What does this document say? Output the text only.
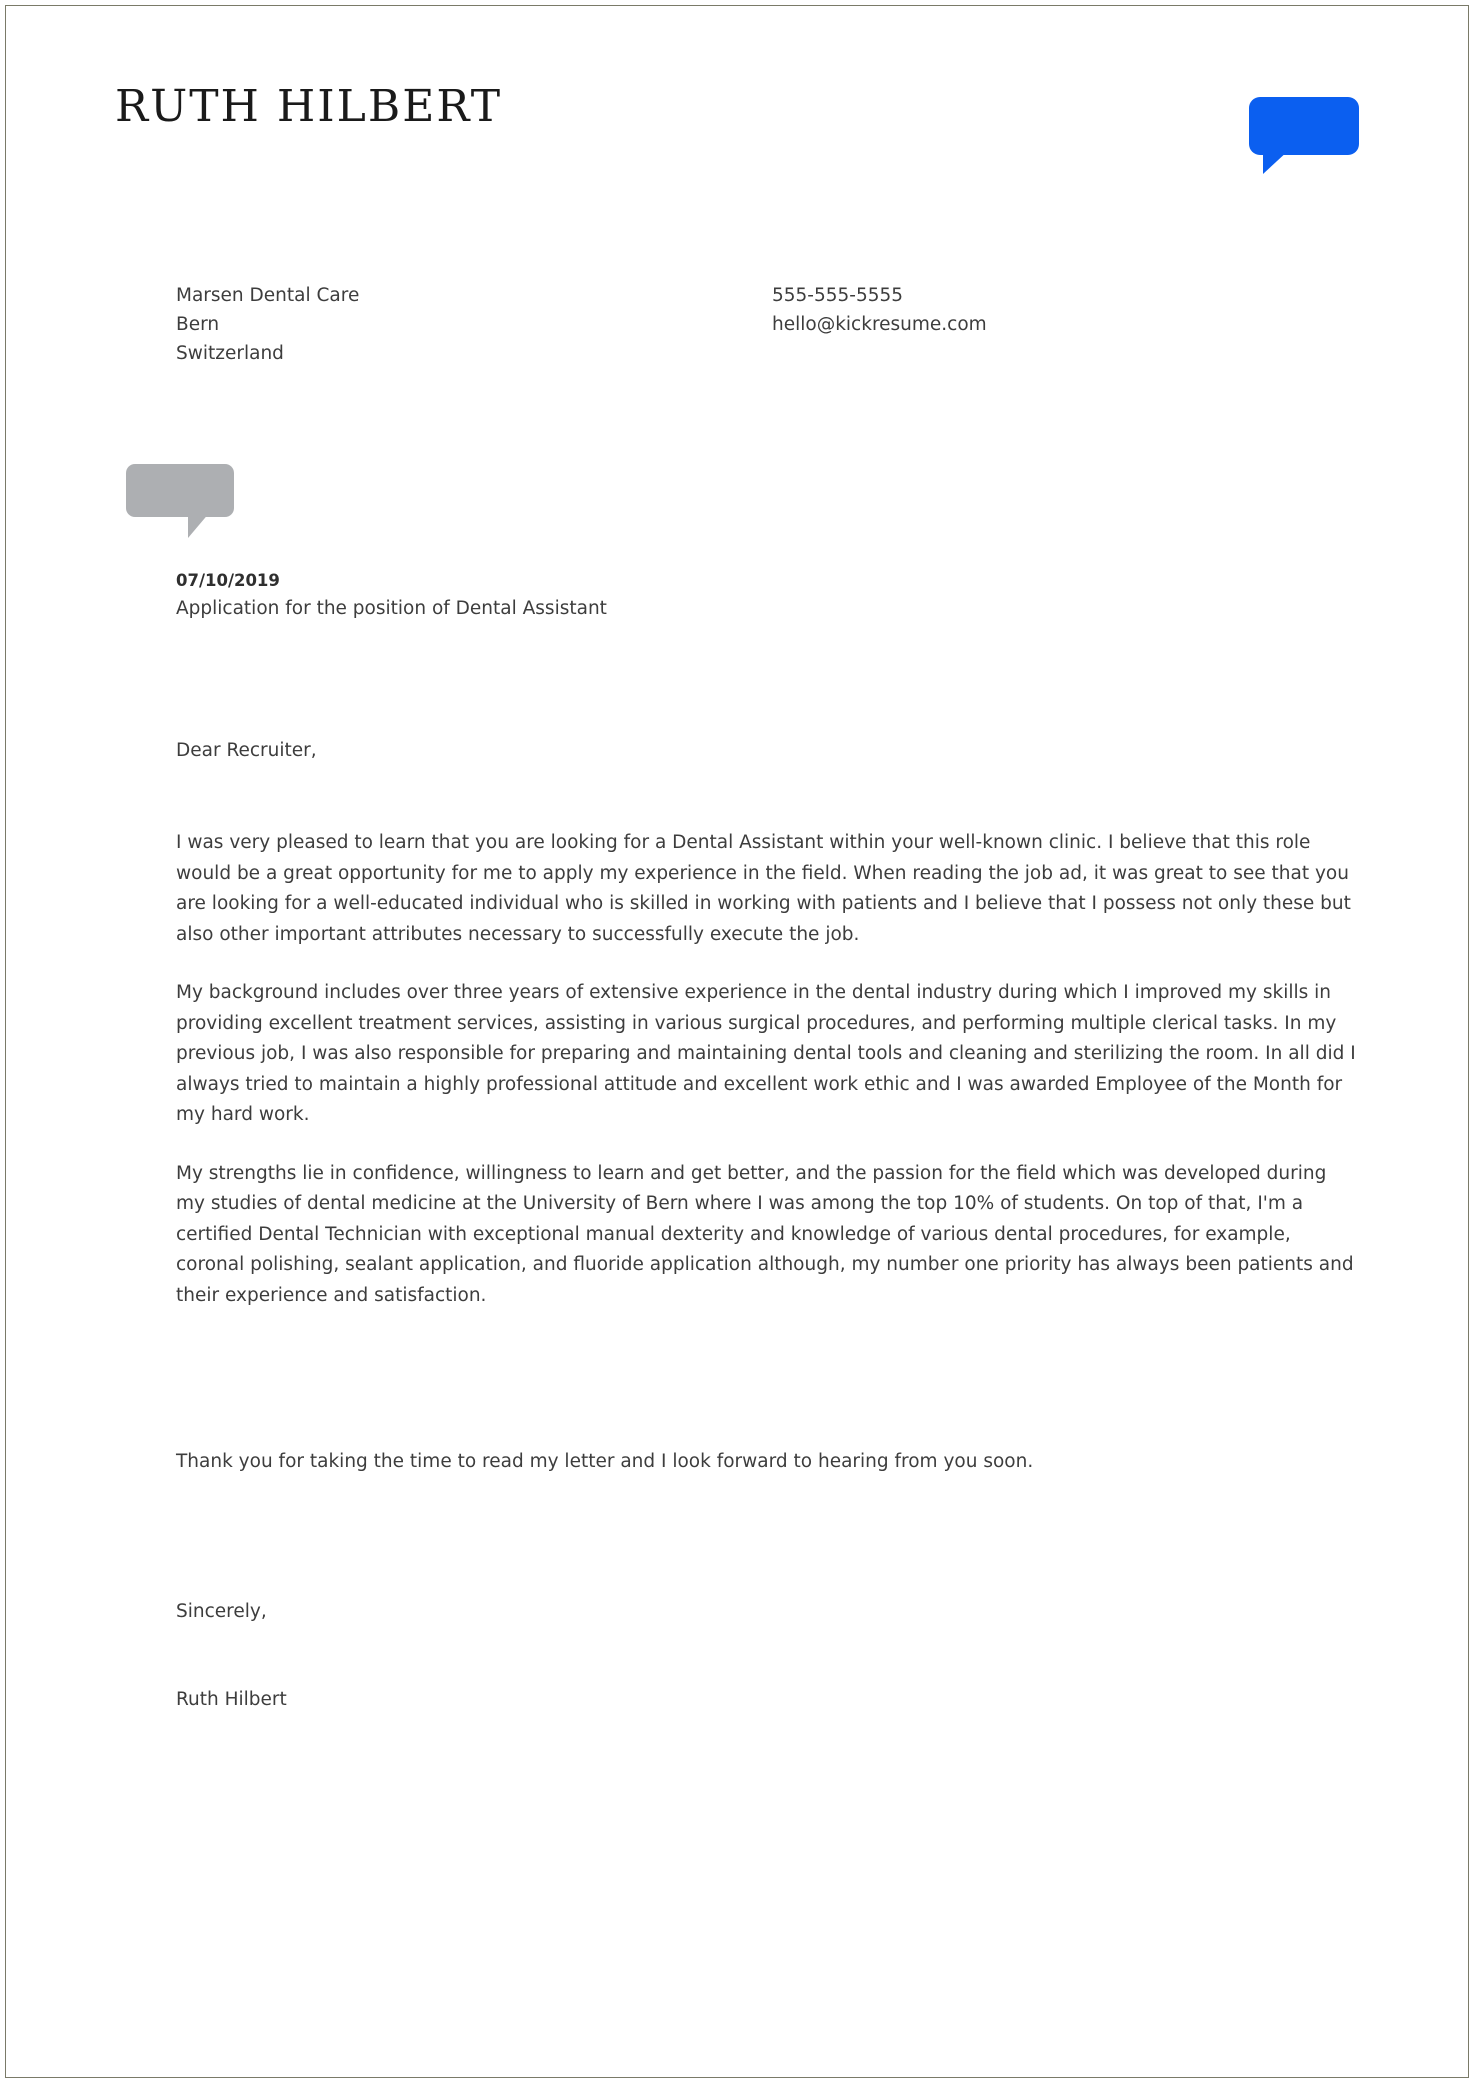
RUTH HILBERT
Marsen Dental Care
Bern
Switzerland
555-555-5555
hello@kickresume.com
07/10/2019
Application for the position of Dental Assistant

Dear Recruiter,

I was very pleased to learn that you are looking for a Dental Assistant within your well-known clinic. I believe that this role would be a great opportunity for me to apply my experience in the field. When reading the job ad, it was great to see that you are looking for a well-educated individual who is skilled in working with patients and I believe that I possess not only these but also other important attributes necessary to successfully execute the job.

My background includes over three years of extensive experience in the dental industry during which I improved my skills in providing excellent treatment services, assisting in various surgical procedures, and performing multiple clerical tasks. In my previous job, I was also responsible for preparing and maintaining dental tools and cleaning and sterilizing the room. In all did I always tried to maintain a highly professional attitude and excellent work ethic and I was awarded Employee of the Month for my hard work.

My strengths lie in confidence, willingness to learn and get better, and the passion for the field which was developed during my studies of dental medicine at the University of Bern where I was among the top 10% of students. On top of that, I'm a certified Dental Technician with exceptional manual dexterity and knowledge of various dental procedures, for example, coronal polishing, sealant application, and fluoride application although, my number one priority has always been patients and their experience and satisfaction.

Thank you for taking the time to read my letter and I look forward to hearing from you soon.
Sincerely,
Ruth Hilbert
